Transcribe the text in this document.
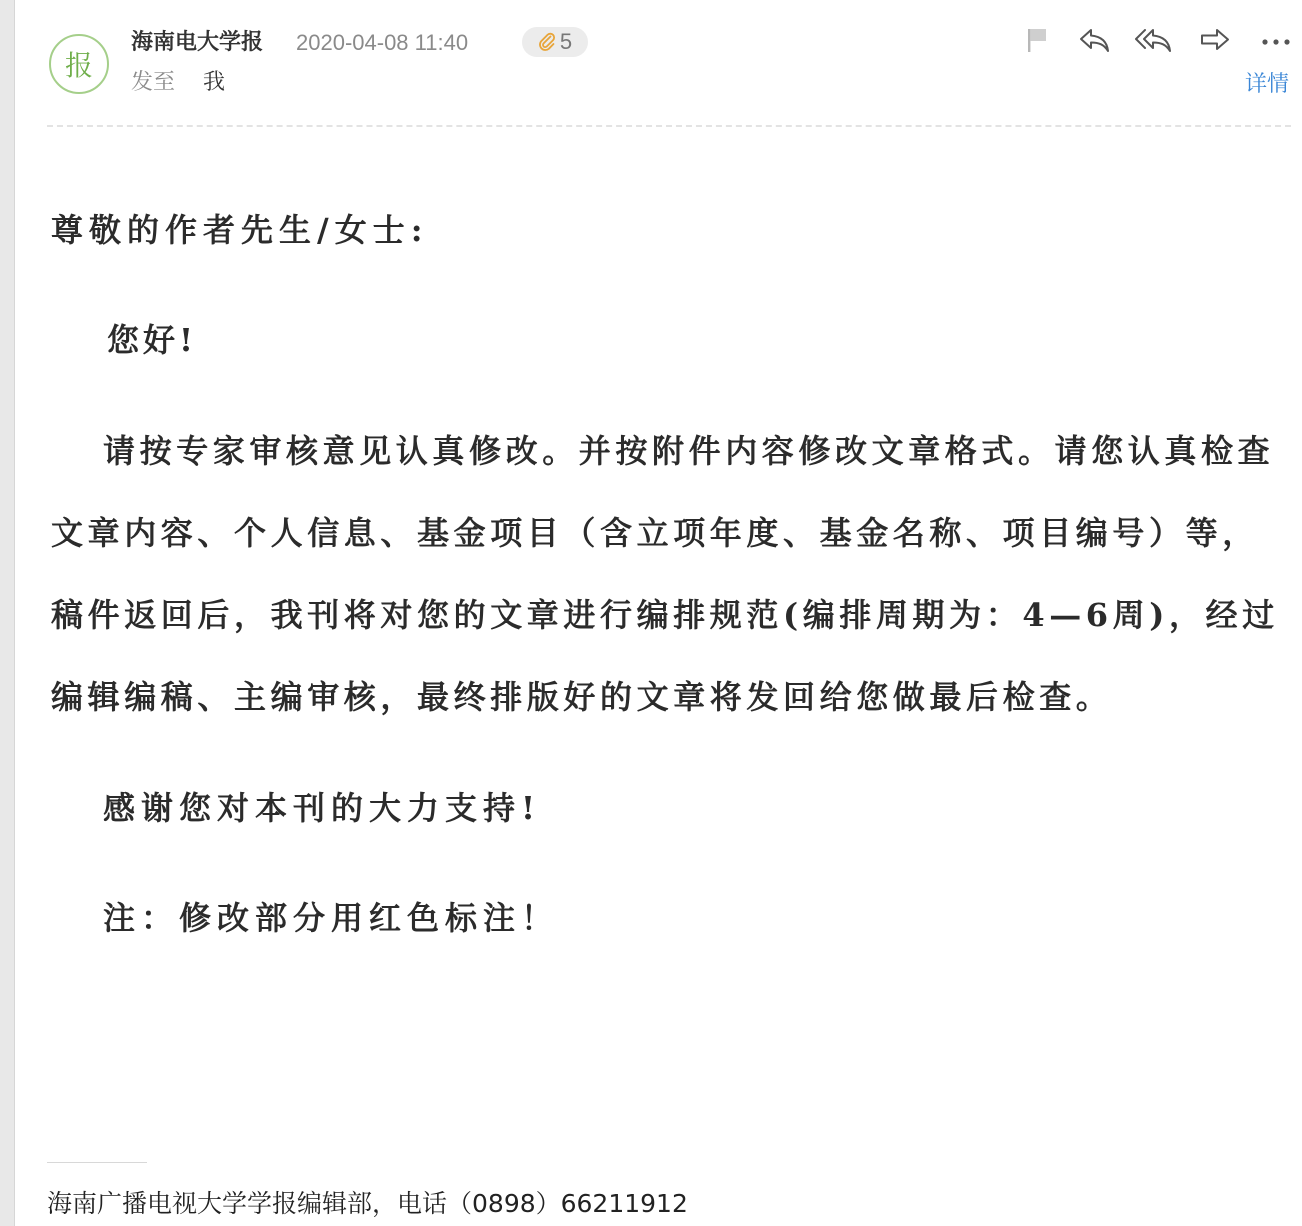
报
海南电大学报 2020-04-08 11:40	5
发至 我	详情

尊敬的作者先生/女士:

您好!

请按专家审核意见认真修改。并按附件内容修改文章格式。请您认真检查文章内容、个人信息、基金项目（含立项年度、基金名称、项目编号）等，稿件返回后，我刊将对您的文章进行编排规范(编排周期为：4—6周)，经过编辑编稿、主编审核，最终排版好的文章将发回给您做最后检查。

感谢您对本刊的大力支持!

注：修改部分用红色标注！

海南广播电视大学学报编辑部，电话（0898）66211912
